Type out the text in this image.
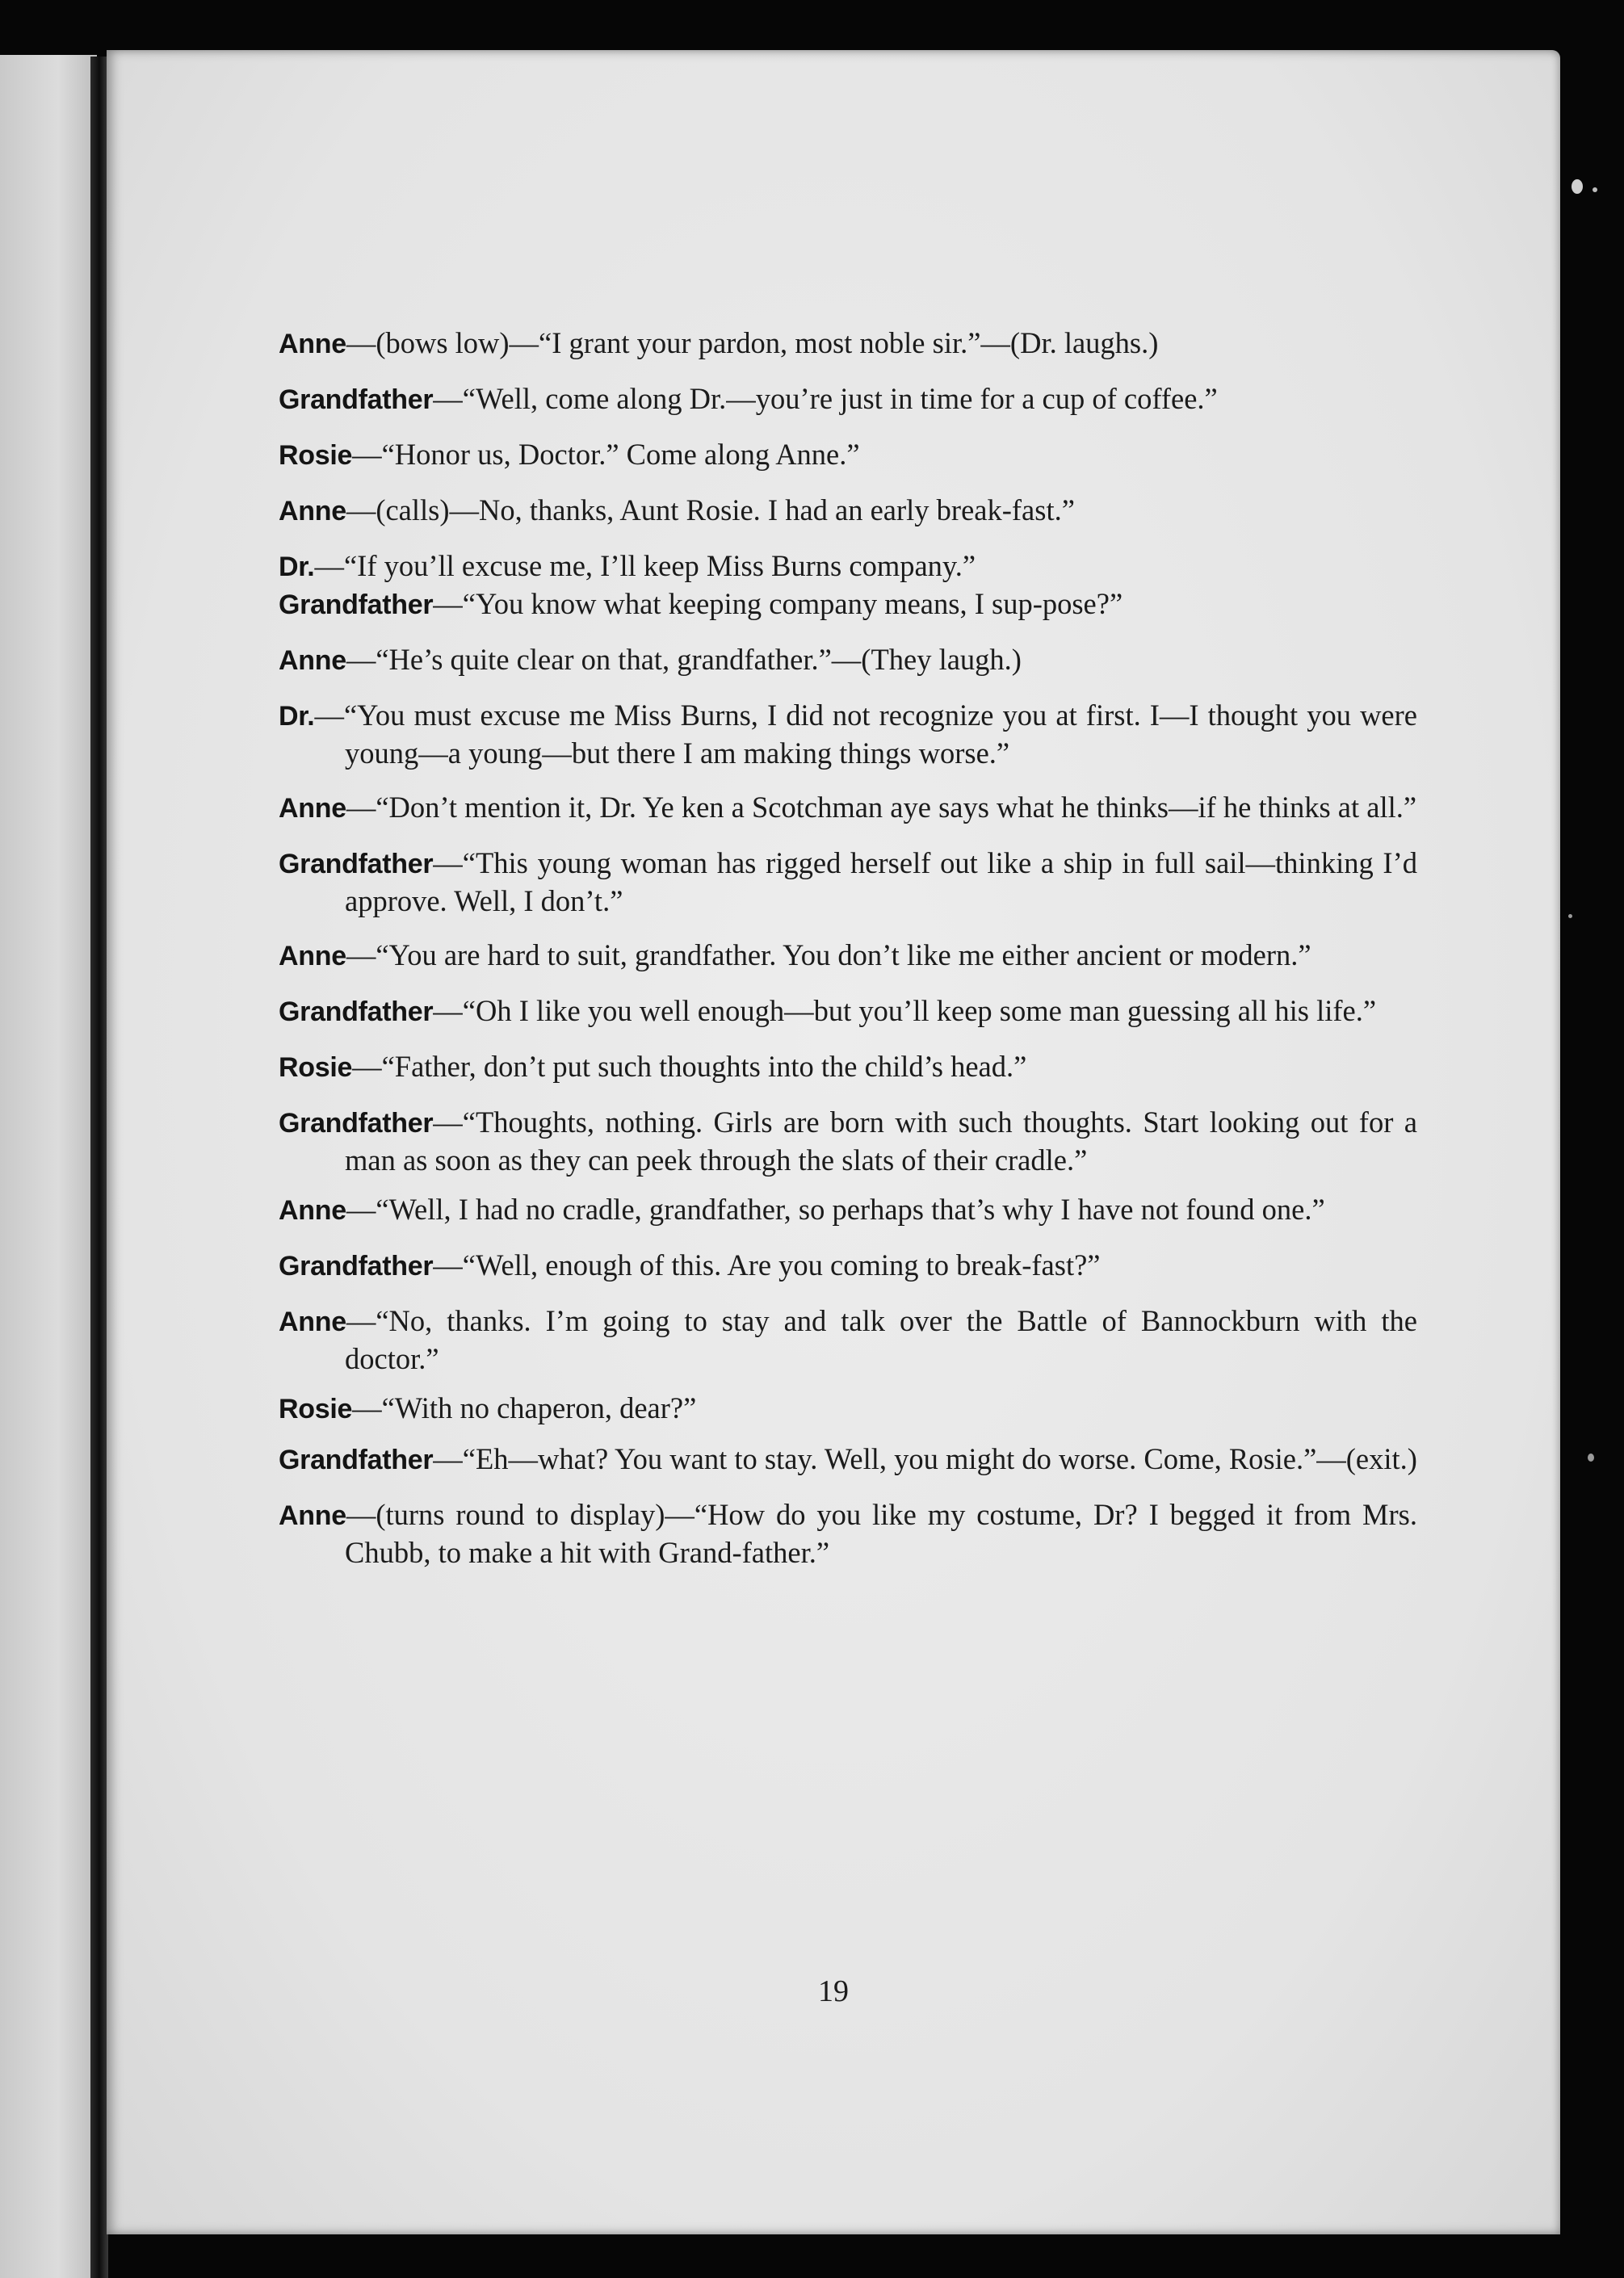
Anne—(bows low)—“I grant your pardon, most noble sir.”—(Dr. laughs.)
Grandfather—“Well, come along Dr.—you’re just in time for a cup of coffee.”
Rosie—“Honor us, Doctor.” Come along Anne.”
Anne—(calls)—No, thanks, Aunt Rosie. I had an early break-fast.”
Dr.—“If you’ll excuse me, I’ll keep Miss Burns company.”
Grandfather—“You know what keeping company means, I sup-pose?”
Anne—“He’s quite clear on that, grandfather.”—(They laugh.)
Dr.—“You must excuse me Miss Burns, I did not recognize you at first. I—I thought you were young—a young—but there I am making things worse.”
Anne—“Don’t mention it, Dr. Ye ken a Scotchman aye says what he thinks—if he thinks at all.”
Grandfather—“This young woman has rigged herself out like a ship in full sail—thinking I’d approve. Well, I don’t.”
Anne—“You are hard to suit, grandfather. You don’t like me either ancient or modern.”
Grandfather—“Oh I like you well enough—but you’ll keep some man guessing all his life.”
Rosie—“Father, don’t put such thoughts into the child’s head.”
Grandfather—“Thoughts, nothing. Girls are born with such thoughts. Start looking out for a man as soon as they can peek through the slats of their cradle.”
Anne—“Well, I had no cradle, grandfather, so perhaps that’s why I have not found one.”
Grandfather—“Well, enough of this. Are you coming to break-fast?”
Anne—“No, thanks. I’m going to stay and talk over the Battle of Bannockburn with the doctor.”
Rosie—“With no chaperon, dear?”
Grandfather—“Eh—what? You want to stay. Well, you might do worse. Come, Rosie.”—(exit.)
Anne—(turns round to display)—“How do you like my costume, Dr? I begged it from Mrs. Chubb, to make a hit with Grand-father.”
19
